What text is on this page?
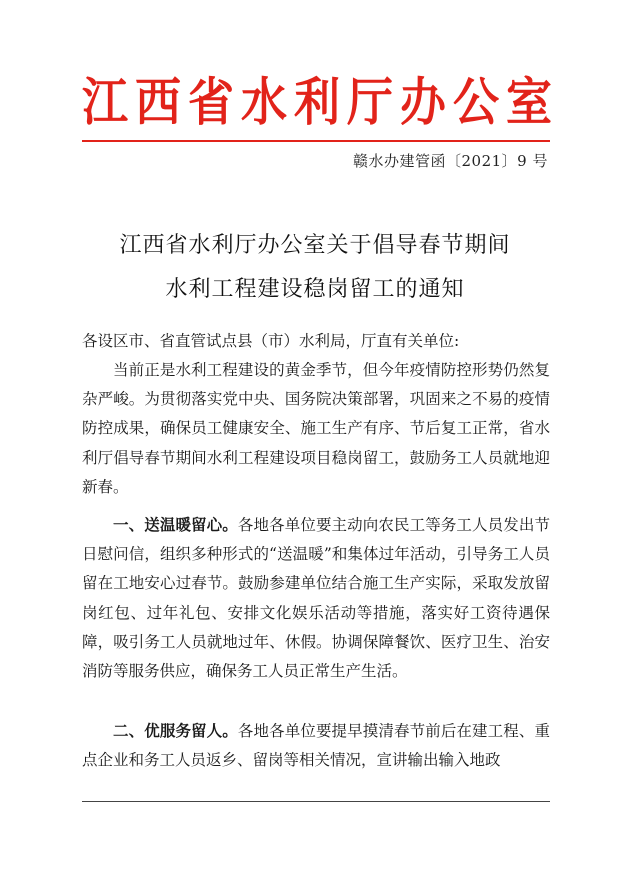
江 西 省 水 利 厅 办 公 室
赣水办建管函〔2021〕9 号
江西省水利厅办公室关于倡导春节期间
水利工程建设稳岗留工的通知
各设区市、省直管试点县（市）水利局，厅直有关单位:
当前正是水利工程建设的黄金季节，但今年疫情防控形势仍然复杂严峻。为贯彻落实党中央、国务院决策部署，巩固来之不易的疫情防控成果，确保员工健康安全、施工生产有序、节后复工正常，省水利厅倡导春节期间水利工程建设项目稳岗留工，鼓励务工人员就地迎新春。
一、送温暖留心。各地各单位要主动向农民工等务工人员发出节日慰问信，组织多种形式的“送温暖”和集体过年活动，引导务工人员留在工地安心过春节。鼓励参建单位结合施工生产实际，采取发放留岗红包、过年礼包、安排文化娱乐活动等措施，落实好工资待遇保障，吸引务工人员就地过年、休假。协调保障餐饮、医疗卫生、治安消防等服务供应，确保务工人员正常生产生活。
二、优服务留人。各地各单位要提早摸清春节前后在建工程、重点企业和务工人员返乡、留岗等相关情况，宣讲输出输入地政
